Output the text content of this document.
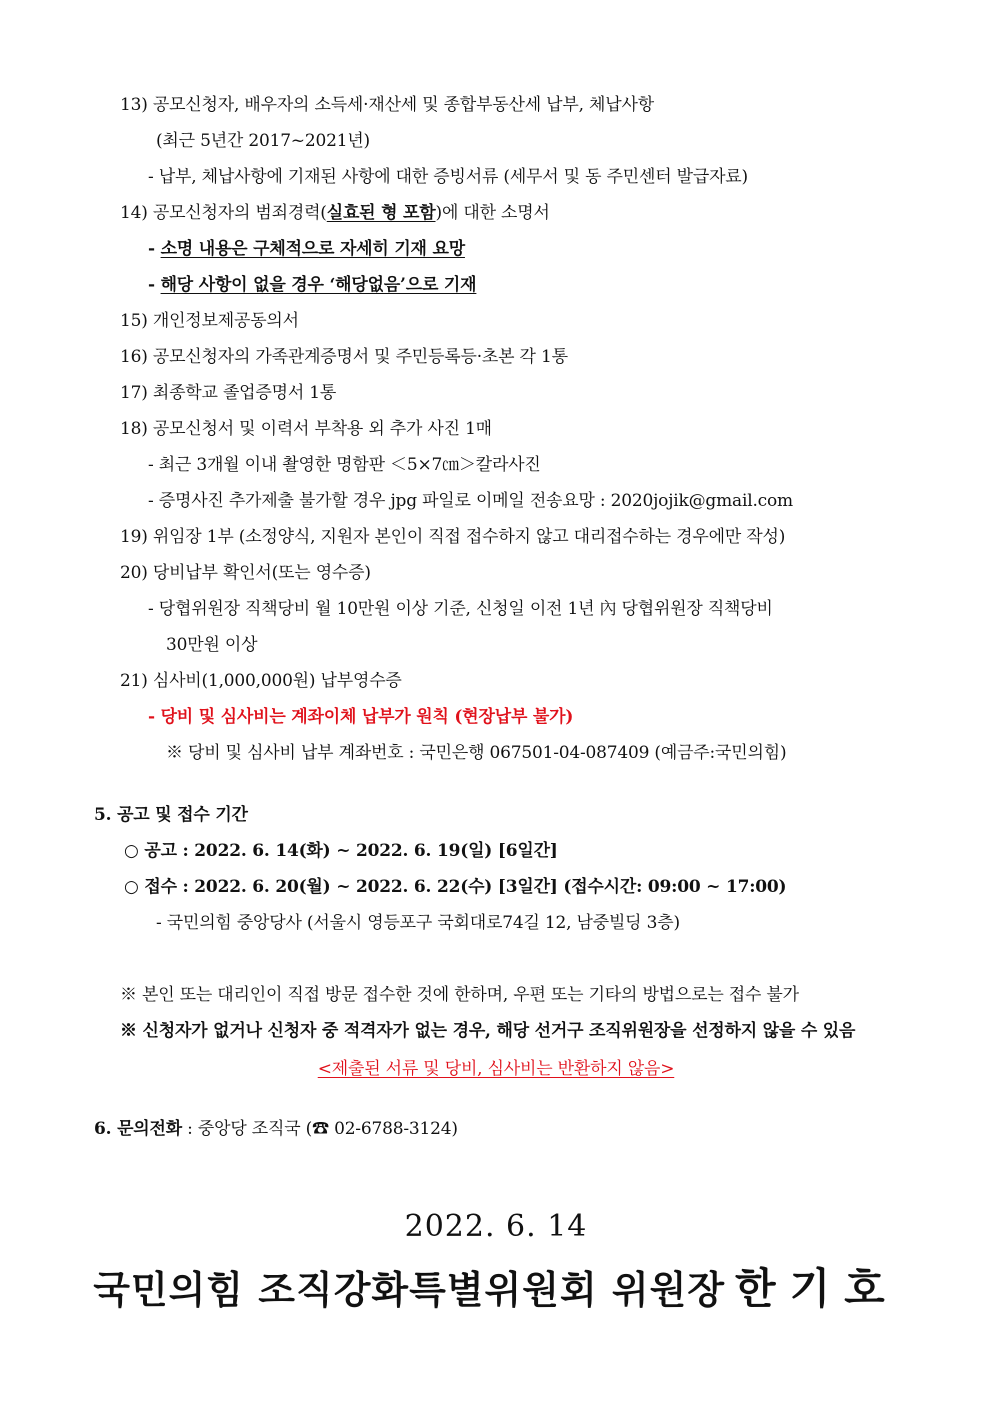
13) 공모신청자, 배우자의 소득세·재산세 및 종합부동산세 납부, 체납사항
(최근 5년간 2017~2021년)
- 납부, 체납사항에 기재된 사항에 대한 증빙서류 (세무서 및 동 주민센터 발급자료)
14) 공모신청자의 범죄경력(실효된 형 포함)에 대한 소명서
- 소명 내용은 구체적으로 자세히 기재 요망
- 해당 사항이 없을 경우 ‘해당없음’으로 기재
15) 개인정보제공동의서
16) 공모신청자의 가족관계증명서 및 주민등록등·초본 각 1통
17) 최종학교 졸업증명서 1통
18) 공모신청서 및 이력서 부착용 외 추가 사진 1매
- 최근 3개월 이내 촬영한 명함판 ＜5×7㎝＞칼라사진
- 증명사진 추가제출 불가할 경우 jpg 파일로 이메일 전송요망 : 2020jojik@gmail.com
19) 위임장 1부 (소정양식, 지원자 본인이 직접 접수하지 않고 대리접수하는 경우에만 작성)
20) 당비납부 확인서(또는 영수증)
- 당협위원장 직책당비 월 10만원 이상 기준, 신청일 이전 1년 內 당협위원장 직책당비
30만원 이상
21) 심사비(1,000,000원) 납부영수증
- 당비 및 심사비는 계좌이체 납부가 원칙 (현장납부 불가)
※ 당비 및 심사비 납부 계좌번호 : 국민은행 067501-04-087409 (예금주:국민의힘)
5. 공고 및 접수 기간
○ 공고 : 2022. 6. 14(화) ~ 2022. 6. 19(일) [6일간]
○ 접수 : 2022. 6. 20(월) ~ 2022. 6. 22(수) [3일간] (접수시간: 09:00 ~ 17:00)
- 국민의힘 중앙당사 (서울시 영등포구 국회대로74길 12, 남중빌딩 3층)
※ 본인 또는 대리인이 직접 방문 접수한 것에 한하며, 우편 또는 기타의 방법으로는 접수 불가
※ 신청자가 없거나 신청자 중 적격자가 없는 경우, 해당 선거구 조직위원장을 선정하지 않을 수 있음
<제출된 서류 및 당비, 심사비는 반환하지 않음>
6. 문의전화 : 중앙당 조직국 (☎ 02-6788-3124)
2022. 6. 14
국민의힘 조직강화특별위원회 위원장 한기호
